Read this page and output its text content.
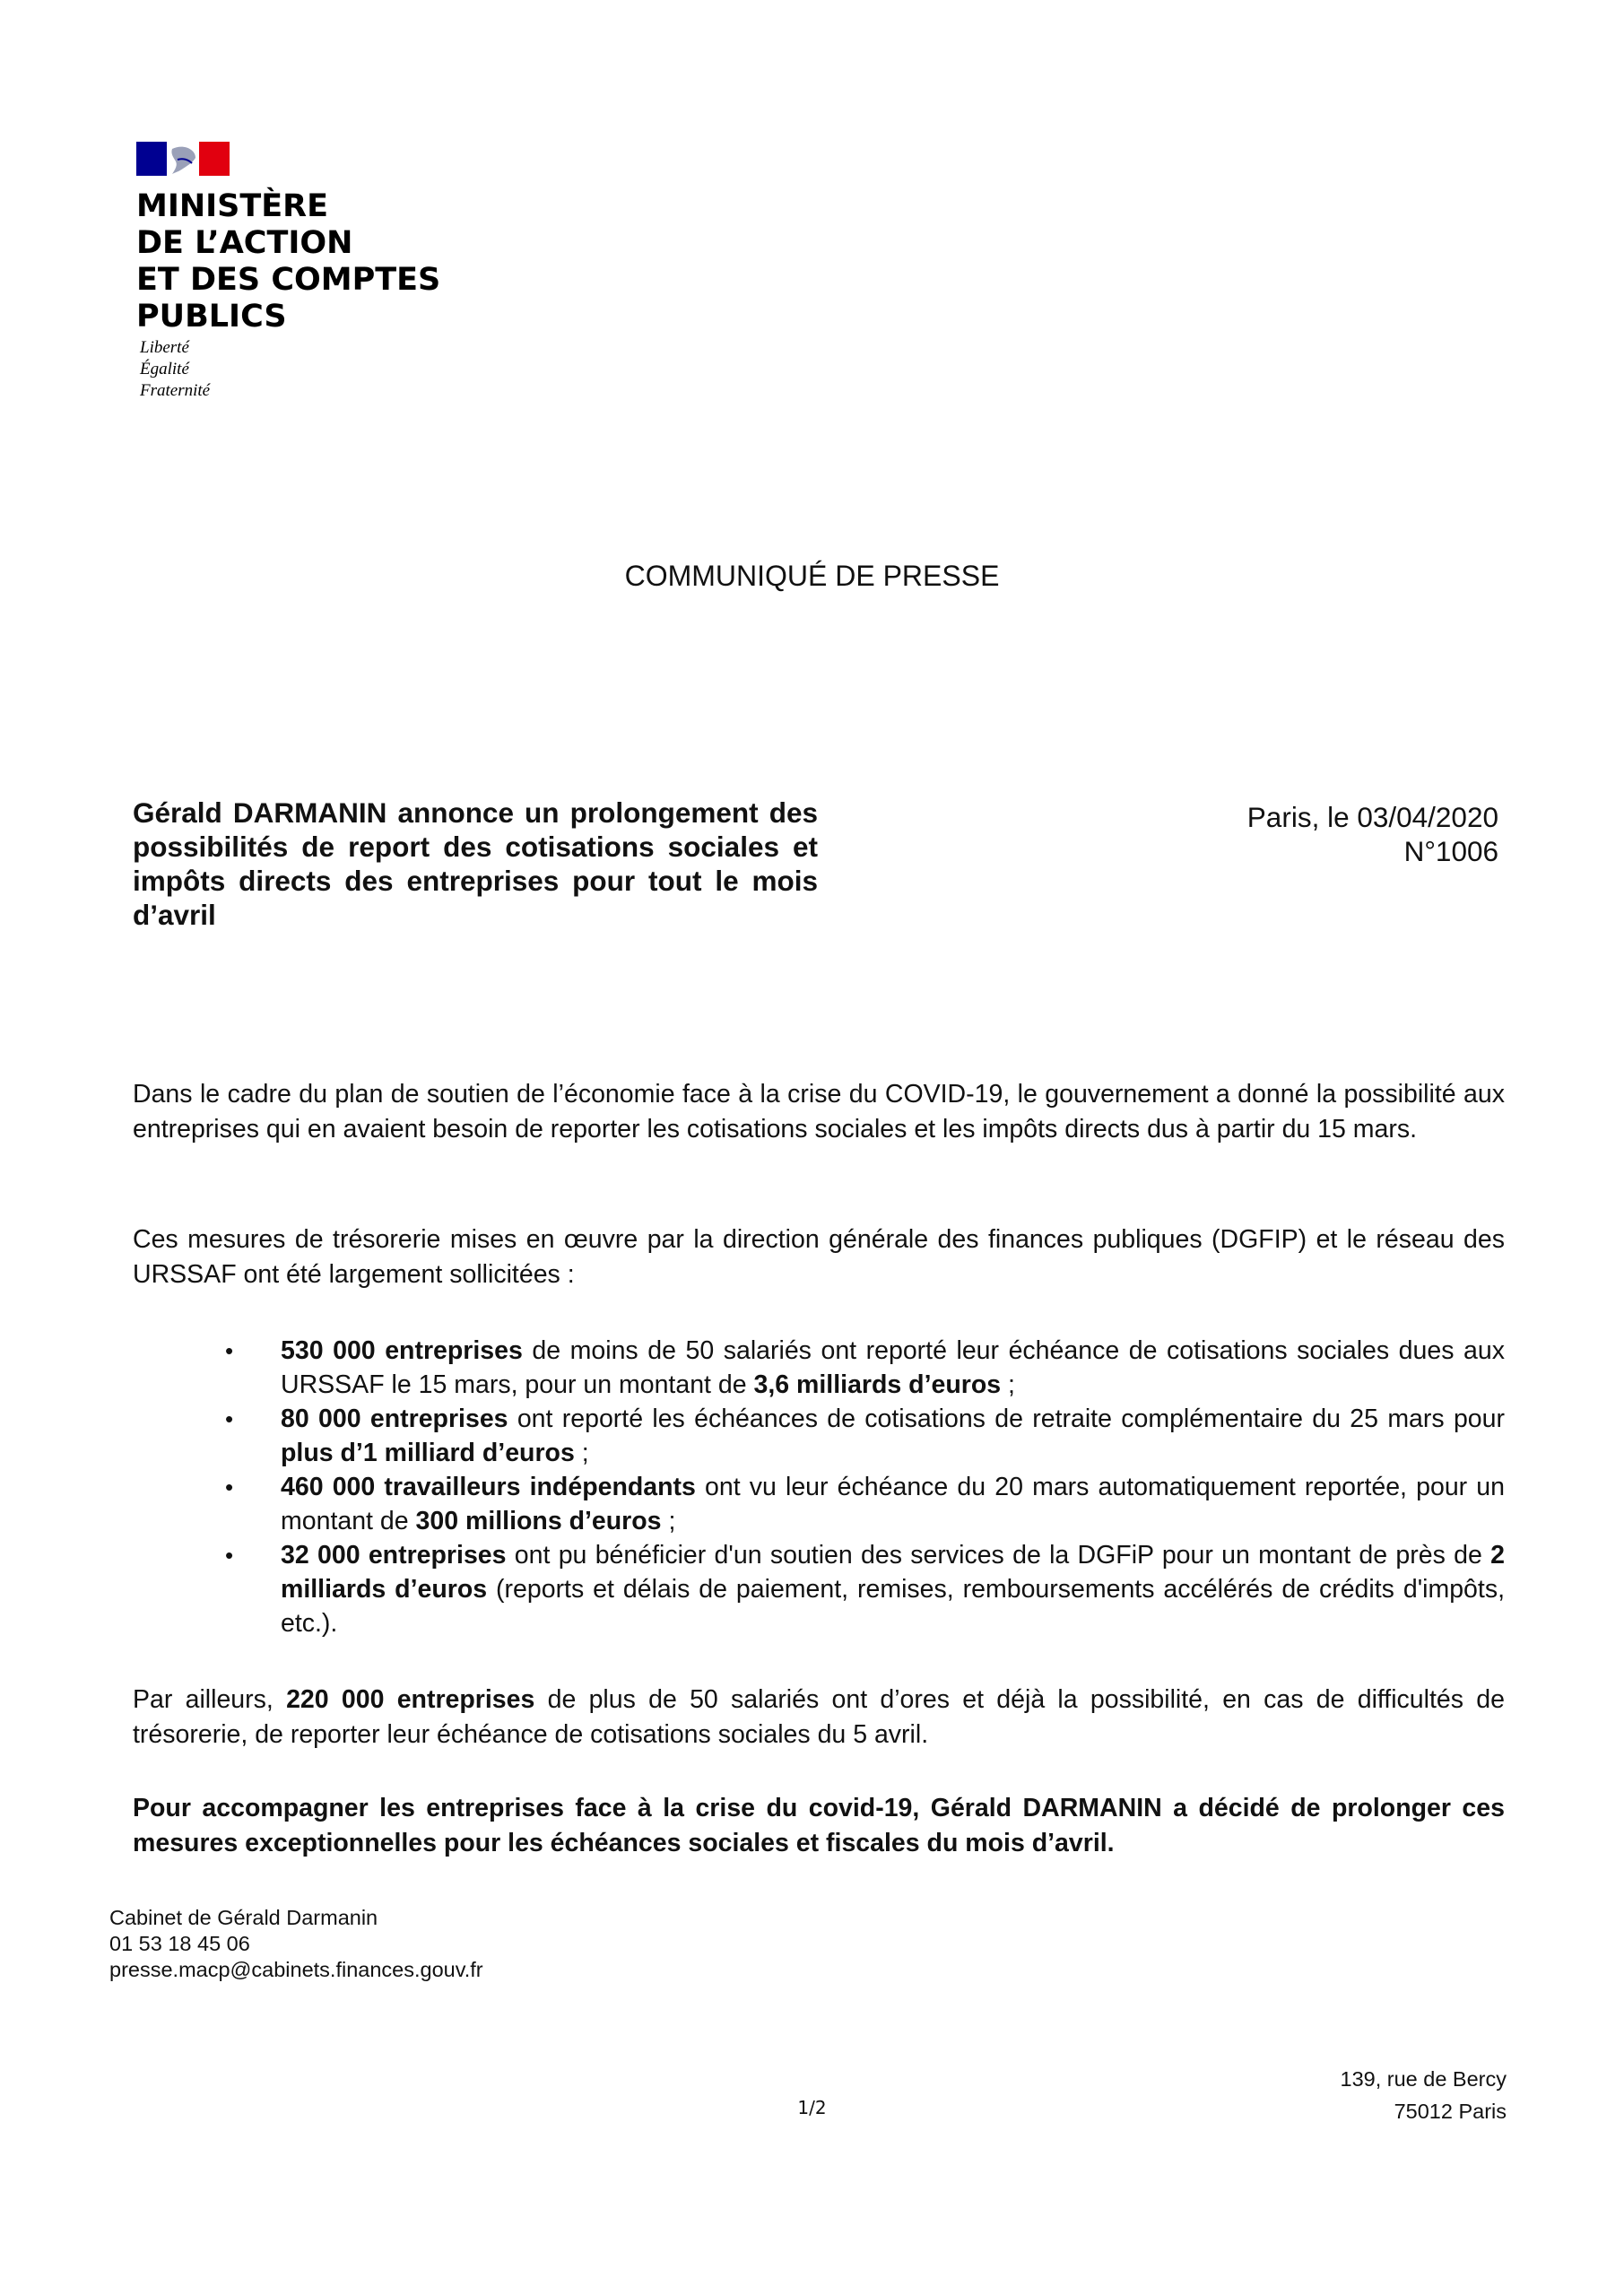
MINISTÈRE
DE L’ACTION
ET DES COMPTES
PUBLICS
Liberté
Égalité
Fraternité
COMMUNIQUÉ DE PRESSE
Gérald DARMANIN annonce un prolongement des possibilités de report des cotisations sociales et impôts directs des entreprises pour tout le mois d’avril
Paris, le 03/04/2020
N°1006
Dans le cadre du plan de soutien de l’économie face à la crise du COVID-19, le gouvernement a donné la possibilité aux entreprises qui en avaient besoin de reporter les cotisations sociales et les impôts directs dus à partir du 15 mars.
Ces mesures de trésorerie mises en œuvre par la direction générale des finances publiques (DGFIP) et le réseau des URSSAF ont été largement sollicitées :
• 530 000 entreprises de moins de 50 salariés ont reporté leur échéance de cotisations sociales dues aux URSSAF le 15 mars, pour un montant de 3,6 milliards d’euros ;
• 80 000 entreprises ont reporté les échéances de cotisations de retraite complémentaire du 25 mars pour plus d’1 milliard d’euros ;
• 460 000 travailleurs indépendants ont vu leur échéance du 20 mars automatiquement reportée, pour un montant de 300 millions d’euros ;
• 32 000 entreprises ont pu bénéficier d'un soutien des services de la DGFiP pour un montant de près de 2 milliards d’euros (reports et délais de paiement, remises, remboursements accélérés de crédits d'impôts, etc.).
Par ailleurs, 220 000 entreprises de plus de 50 salariés ont d’ores et déjà la possibilité, en cas de difficultés de trésorerie, de reporter leur échéance de cotisations sociales du 5 avril.
Pour accompagner les entreprises face à la crise du covid-19, Gérald DARMANIN a décidé de prolonger ces mesures exceptionnelles pour les échéances sociales et fiscales du mois d’avril.
Cabinet de Gérald Darmanin
01 53 18 45 06
presse.macp@cabinets.finances.gouv.fr
1/2
139, rue de Bercy
75012 Paris
